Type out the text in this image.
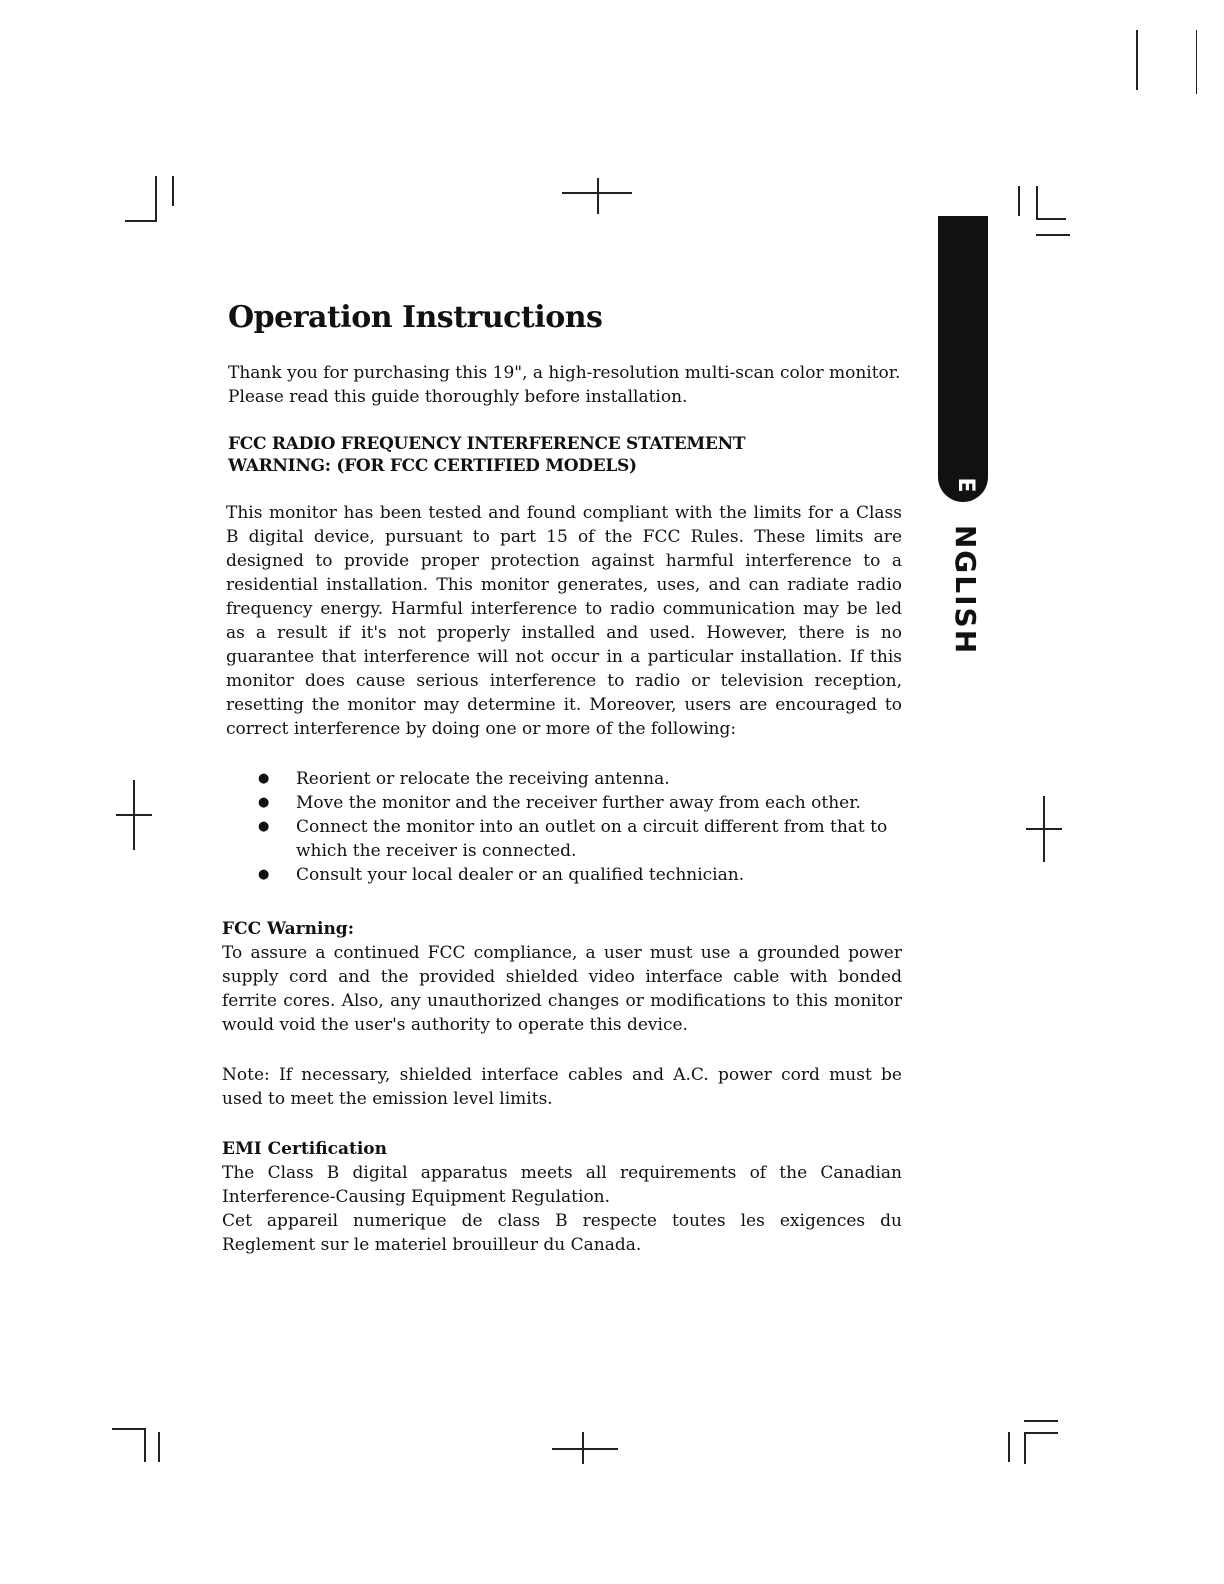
E
NGLISH
Operation Instructions

Thank you for purchasing this 19", a high-resolution multi-scan color monitor. Please read this guide thoroughly before installation.

FCC RADIO FREQUENCY INTERFERENCE STATEMENT
WARNING: (FOR FCC CERTIFIED MODELS)

This monitor has been tested and found compliant with the limits for a Class B digital device, pursuant to part 15 of the FCC Rules. These limits are designed to provide proper protection against harmful interference to a residential installation. This monitor generates, uses, and can radiate radio frequency energy. Harmful interference to radio communication may be led as a result if it's not properly installed and used. However, there is no guarantee that interference will not occur in a particular installation. If this monitor does cause serious interference to radio or television reception, resetting the monitor may determine it. Moreover, users are encouraged to correct interference by doing one or more of the following:

● Reorient or relocate the receiving antenna.
● Move the monitor and the receiver further away from each other.
● Connect the monitor into an outlet on a circuit different from that to which the receiver is connected.
● Consult your local dealer or an qualified technician.
FCC Warning:

To assure a continued FCC compliance, a user must use a grounded power supply cord and the provided shielded video interface cable with bonded ferrite cores. Also, any unauthorized changes or modifications to this monitor would void the user's authority to operate this device.

Note: If necessary, shielded interface cables and A.C. power cord must be used to meet the emission level limits.

EMI Certification

The Class B digital apparatus meets all requirements of the Canadian Interference-Causing Equipment Regulation.

Cet appareil numerique de class B respecte toutes les exigences du Reglement sur le materiel brouilleur du Canada.
